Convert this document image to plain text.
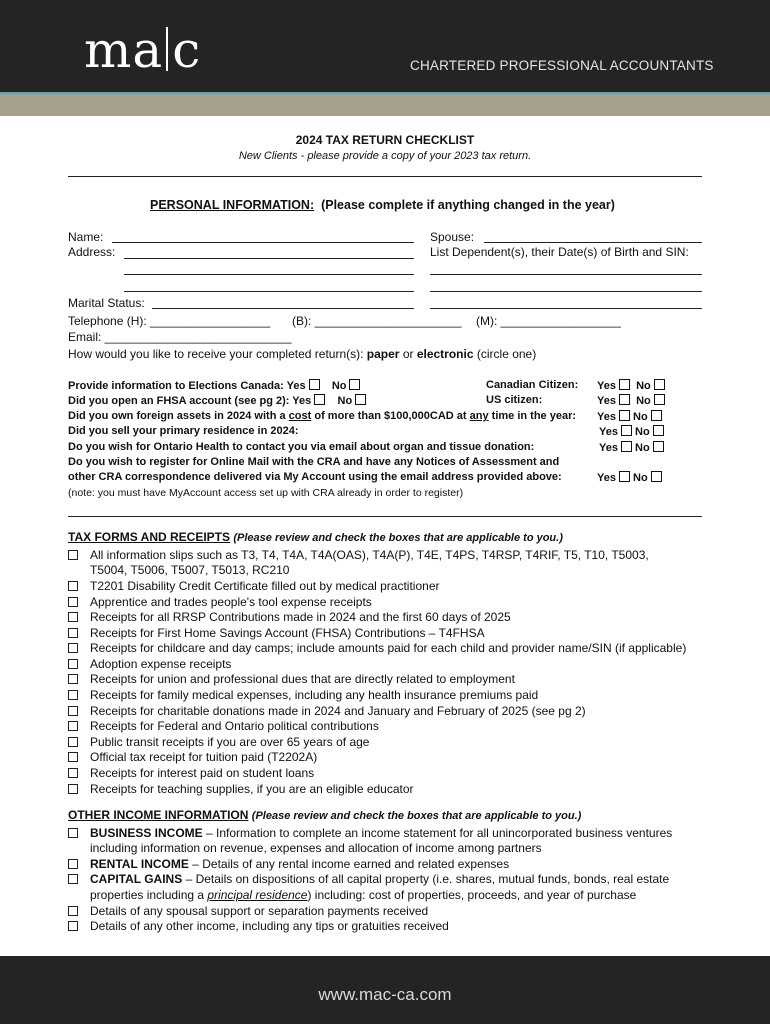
ma c	CHARTERED PROFESSIONAL ACCOUNTANTS
2024 TAX RETURN CHECKLIST
New Clients - please provide a copy of your 2023 tax return.
PERSONAL INFORMATION: (Please complete if anything changed in the year)
Name:
Address:
Spouse:
List Dependent(s), their Date(s) of Birth and SIN:
Marital Status:
Telephone (H): __________________ (B): ______________________ (M): __________________
Email: ____________________________
How would you like to receive your completed return(s): paper or electronic (circle one)
Provide information to Elections Canada: Yes No	Canadian Citizen: Yes No
Did you open an FHSA account (see pg 2): Yes No	US citizen:	Yes No
Did you own foreign assets in 2024 with a cost of more than $100,000CAD at any time in the year: Yes No
Did you sell your primary residence in 2024:	Yes No
Do you wish for Ontario Health to contact you via email about organ and tissue donation:	Yes No
Do you wish to register for Online Mail with the CRA and have any Notices of Assessment and
other CRA correspondence delivered via My Account using the email address provided above:	Yes No
(note: you must have MyAccount access set up with CRA already in order to register)
TAX FORMS AND RECEIPTS (Please review and check the boxes that are applicable to you.)
All information slips such as T3, T4, T4A, T4A(OAS), T4A(P), T4E, T4PS, T4RSP, T4RIF, T5, T10, T5003,
T5004, T5006, T5007, T5013, RC210
T2201 Disability Credit Certificate filled out by medical practitioner
Apprentice and trades people's tool expense receipts
Receipts for all RRSP Contributions made in 2024 and the first 60 days of 2025
Receipts for First Home Savings Account (FHSA) Contributions – T4FHSA
Receipts for childcare and day camps; include amounts paid for each child and provider name/SIN (if applicable)
Adoption expense receipts
Receipts for union and professional dues that are directly related to employment
Receipts for family medical expenses, including any health insurance premiums paid
Receipts for charitable donations made in 2024 and January and February of 2025 (see pg 2)
Receipts for Federal and Ontario political contributions
Public transit receipts if you are over 65 years of age
Official tax receipt for tuition paid (T2202A)
Receipts for interest paid on student loans
Receipts for teaching supplies, if you are an eligible educator
OTHER INCOME INFORMATION (Please review and check the boxes that are applicable to you.)
BUSINESS INCOME – Information to complete an income statement for all unincorporated business ventures
including information on revenue, expenses and allocation of income among partners
RENTAL INCOME – Details of any rental income earned and related expenses
CAPITAL GAINS – Details on dispositions of all capital property (i.e. shares, mutual funds, bonds, real estate
properties including a principal residence) including: cost of properties, proceeds, and year of purchase
Details of any spousal support or separation payments received
Details of any other income, including any tips or gratuities received
www.mac-ca.com
